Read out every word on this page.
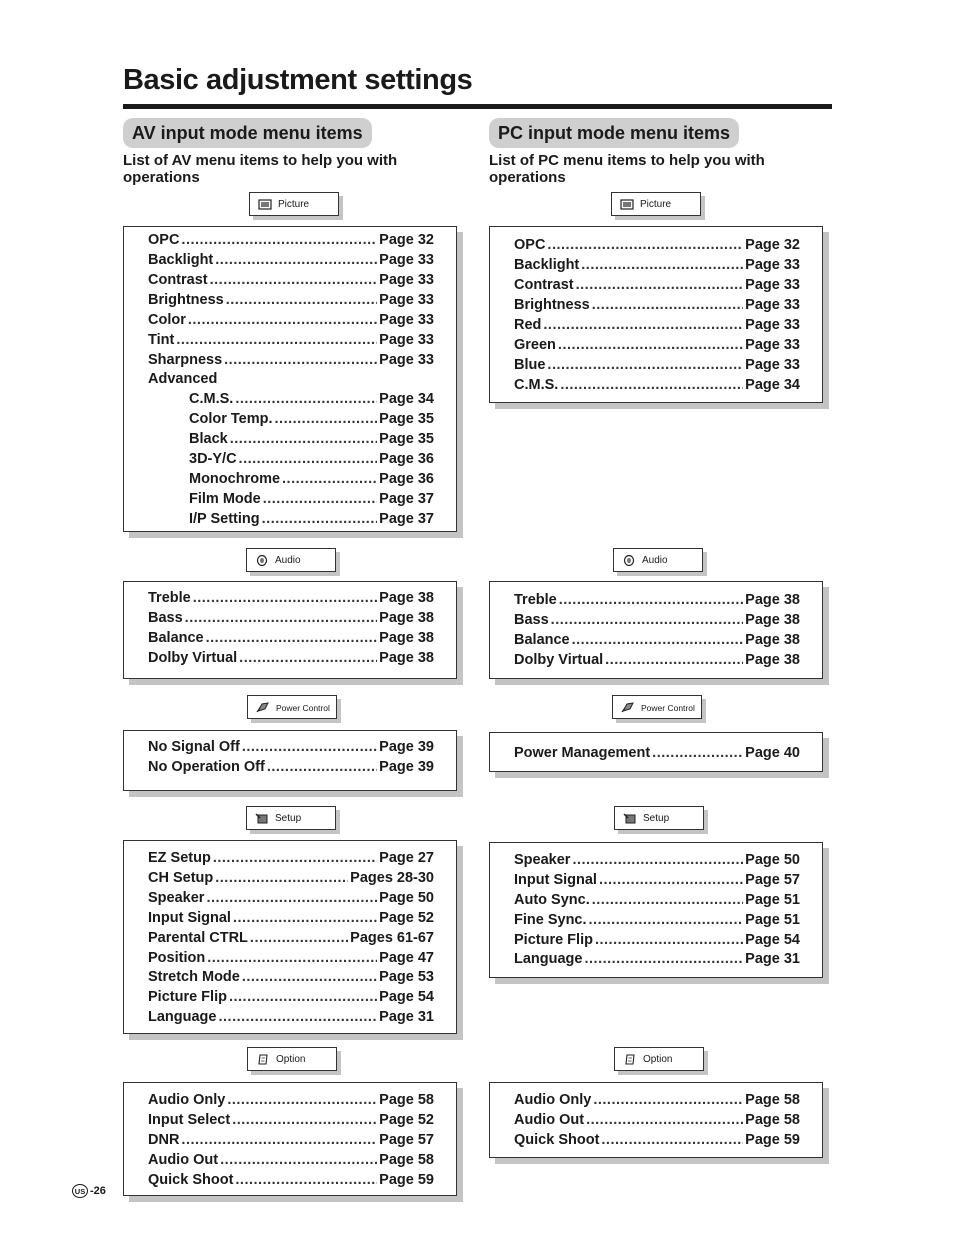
Basic adjustment settings
AV input mode menu items

List of AV menu items to help you with operations

Picture
OPC .....	Page 32
Backlight .....	Page 33
Contrast .....	Page 33
Brightness .....	Page 33
Color .....	Page 33
Tint .....	Page 33
Sharpness .....	Page 33
Advanced
C.M.S. .....	Page 34
Color Temp. .....	Page 35
Black .....	Page 35
3D-Y/C .....	Page 36
Monochrome .....	Page 36
Film Mode .....	Page 37
I/P Setting .....	Page 37
Audio
Treble .....	Page 38
Bass .....	Page 38
Balance .....	Page 38
Dolby Virtual .....	Page 38
Power Control
No Signal Off .....	Page 39
No Operation Off .....	Page 39
Setup
EZ Setup .....	Page 27
CH Setup .....	Pages 28-30
Speaker .....	Page 50
Input Signal .....	Page 52
Parental CTRL .....	Pages 61-67
Position .....	Page 47
Stretch Mode .....	Page 53
Picture Flip .....	Page 54
Language .....	Page 31
Option
Audio Only .....	Page 58
Input Select .....	Page 52
DNR .....	Page 57
Audio Out .....	Page 58
Quick Shoot .....	Page 59
PC input mode menu items

List of PC menu items to help you with operations

Picture
OPC .....	Page 32
Backlight .....	Page 33
Contrast .....	Page 33
Brightness .....	Page 33
Red .....	Page 33
Green .....	Page 33
Blue .....	Page 33
C.M.S. .....	Page 34
Audio
Treble .....	Page 38
Bass .....	Page 38
Balance .....	Page 38
Dolby Virtual .....	Page 38
Power Control
Power Management .....	Page 40
Setup
Speaker .....	Page 50
Input Signal .....	Page 57
Auto Sync. .....	Page 51
Fine Sync. .....	Page 51
Picture Flip .....	Page 54
Language .....	Page 31
Option
Audio Only .....	Page 58
Audio Out .....	Page 58
Quick Shoot .....	Page 59
US -26
